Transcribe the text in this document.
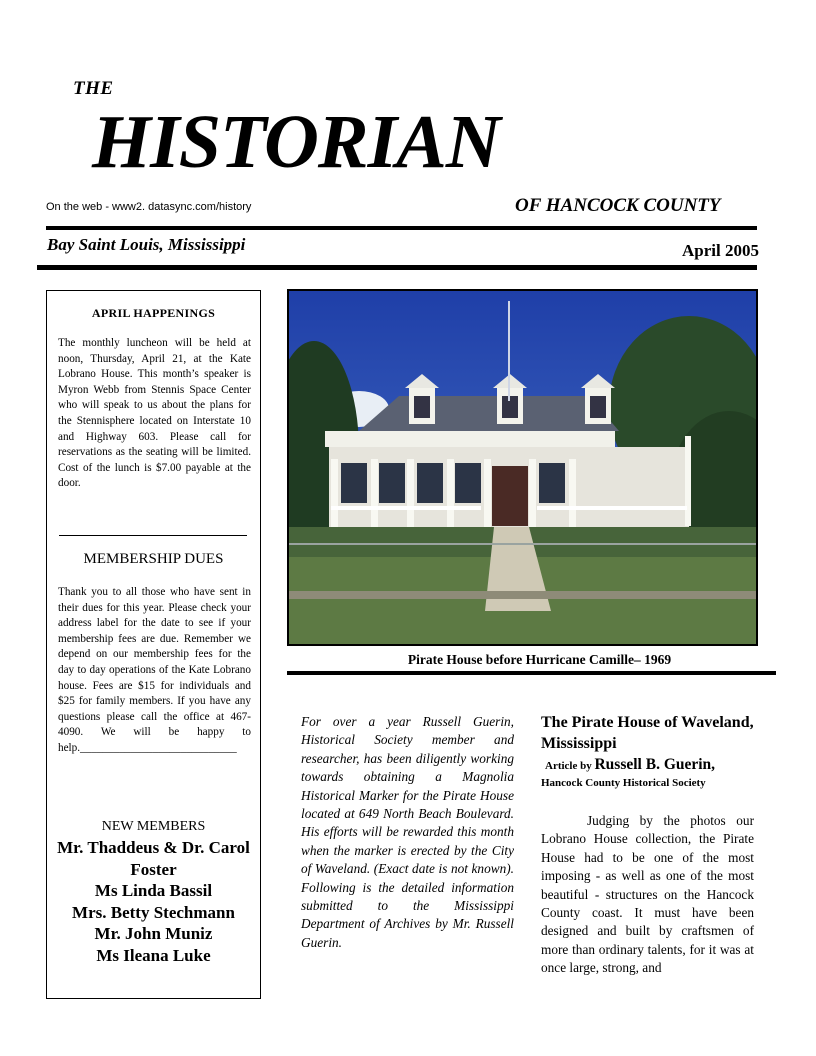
THE
HISTORIAN
On the web - www2. datasync.com/history	OF HANCOCK COUNTY
Bay Saint Louis, Mississippi	April 2005
APRIL HAPPENINGS
The monthly luncheon will be held at noon, Thursday, April 21, at the Kate Lobrano House. This month’s speaker is Myron Webb from Stennis Space Center who will speak to us about the plans for the Stennisphere located on Interstate 10 and Highway 603. Please call for reservations as the seating will be limited. Cost of the lunch is $7.00 payable at the door.
MEMBERSHIP DUES
Thank you to all those who have sent in their dues for this year. Please check your address label for the date to see if your membership fees are due. Remember we depend on our membership fees for the day to day operations of the Kate Lobrano house. Fees are $15 for individuals and $25 for family members. If you have any questions please call the office at 467-4090. We will be happy to help.____________________________
NEW MEMBERS
Mr. Thaddeus & Dr. Carol Foster
Ms Linda Bassil
Mrs. Betty Stechmann
Mr. John Muniz
Ms Ileana Luke
Pirate House before Hurricane Camille– 1969
For over a year Russell Guerin, Historical Society member and researcher, has been diligently working towards obtaining a Magnolia Historical Marker for the Pirate House located at 649 North Beach Boulevard. His efforts will be rewarded this month when the marker is erected by the City of Waveland. (Exact date is not known). Following is the detailed information submitted to the Mississippi Department of Archives by Mr. Russell Guerin.
The Pirate House of Waveland, Mississippi
Article by Russell B. Guerin,
Hancock County Historical Society
Judging by the photos our Lobrano House collection, the Pirate House had to be one of the most imposing - as well as one of the most beautiful - structures on the Hancock County coast. It must have been designed and built by craftsmen of more than ordinary talents, for it was at once large, strong, and
